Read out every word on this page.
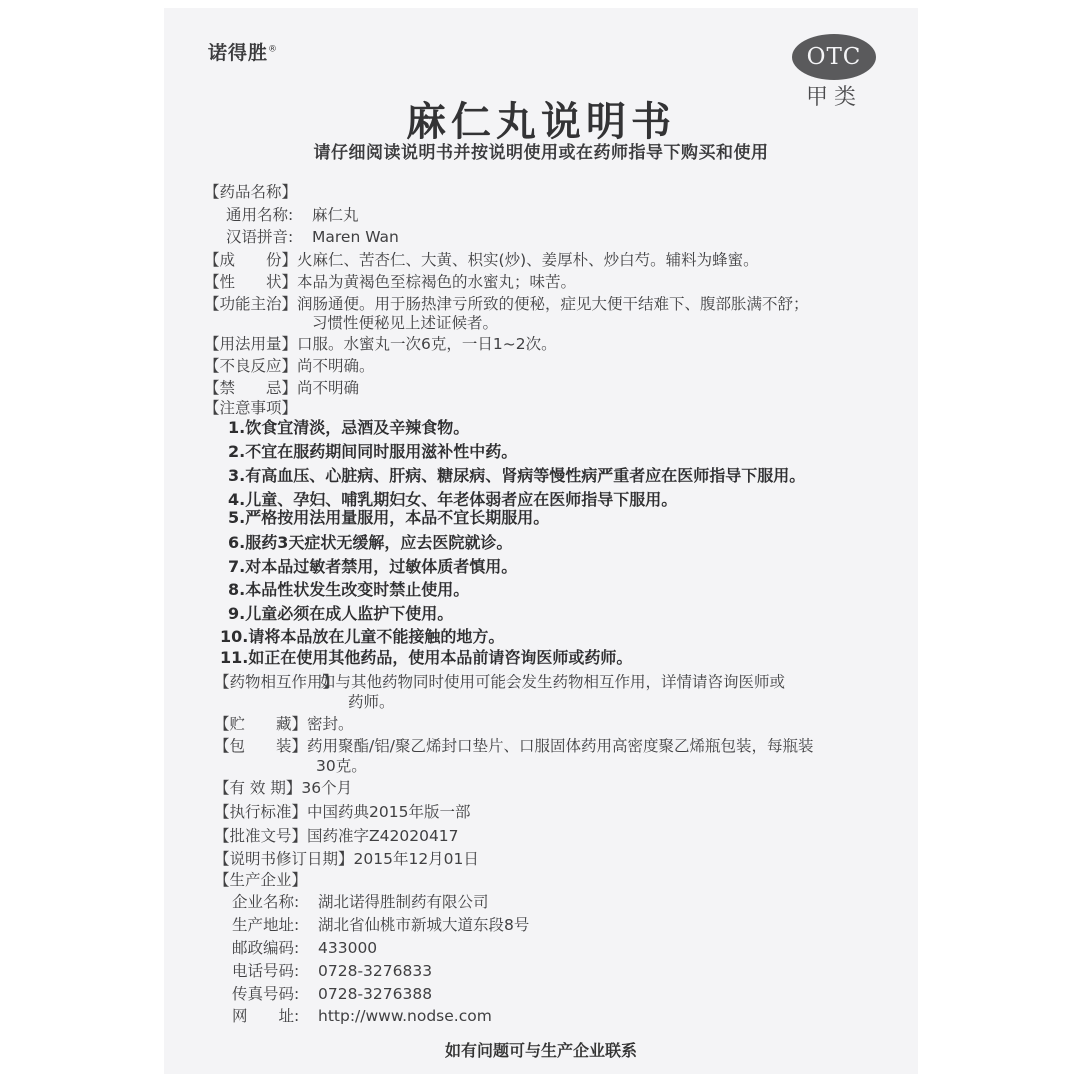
诺得胜®	OTC
甲类
麻仁丸说明书
请仔细阅读说明书并按说明使用或在药师指导下购买和使用
【药品名称】
通用名称: 麻仁丸
汉语拼音: Maren Wan
【成　　份】火麻仁、苦杏仁、大黄、枳实(炒)、姜厚朴、炒白芍。辅料为蜂蜜。
【性　　状】本品为黄褐色至棕褐色的水蜜丸；味苦。
【功能主治】润肠通便。用于肠热津亏所致的便秘，症见大便干结难下、腹部胀满不舒；
习惯性便秘见上述证候者。
【用法用量】口服。水蜜丸一次6克，一日1~2次。
【不良反应】尚不明确。
【禁　　忌】尚不明确
【注意事项】
1.饮食宜清淡，忌酒及辛辣食物。
2.不宜在服药期间同时服用滋补性中药。
3.有高血压、心脏病、肝病、糖尿病、肾病等慢性病严重者应在医师指导下服用。
4.儿童、孕妇、哺乳期妇女、年老体弱者应在医师指导下服用。
5.严格按用法用量服用，本品不宜长期服用。
6.服药3天症状无缓解，应去医院就诊。
7.对本品过敏者禁用，过敏体质者慎用。
8.本品性状发生改变时禁止使用。
9.儿童必须在成人监护下使用。
10.请将本品放在儿童不能接触的地方。
11.如正在使用其他药品，使用本品前请咨询医师或药师。
【药物相互作用】如与其他药物同时使用可能会发生药物相互作用，详情请咨询医师或
药师。
【贮　　藏】密封。
【包　　装】药用聚酯/铝/聚乙烯封口垫片、口服固体药用高密度聚乙烯瓶包装，每瓶装
30克。
【有 效 期】36个月
【执行标准】中国药典2015年版一部
【批准文号】国药准字Z42020417
【说明书修订日期】2015年12月01日
【生产企业】
企业名称: 湖北诺得胜制药有限公司
生产地址: 湖北省仙桃市新城大道东段8号
邮政编码: 433000
电话号码: 0728-3276833
传真号码: 0728-3276388
网　　址: http://www.nodse.com
如有问题可与生产企业联系
